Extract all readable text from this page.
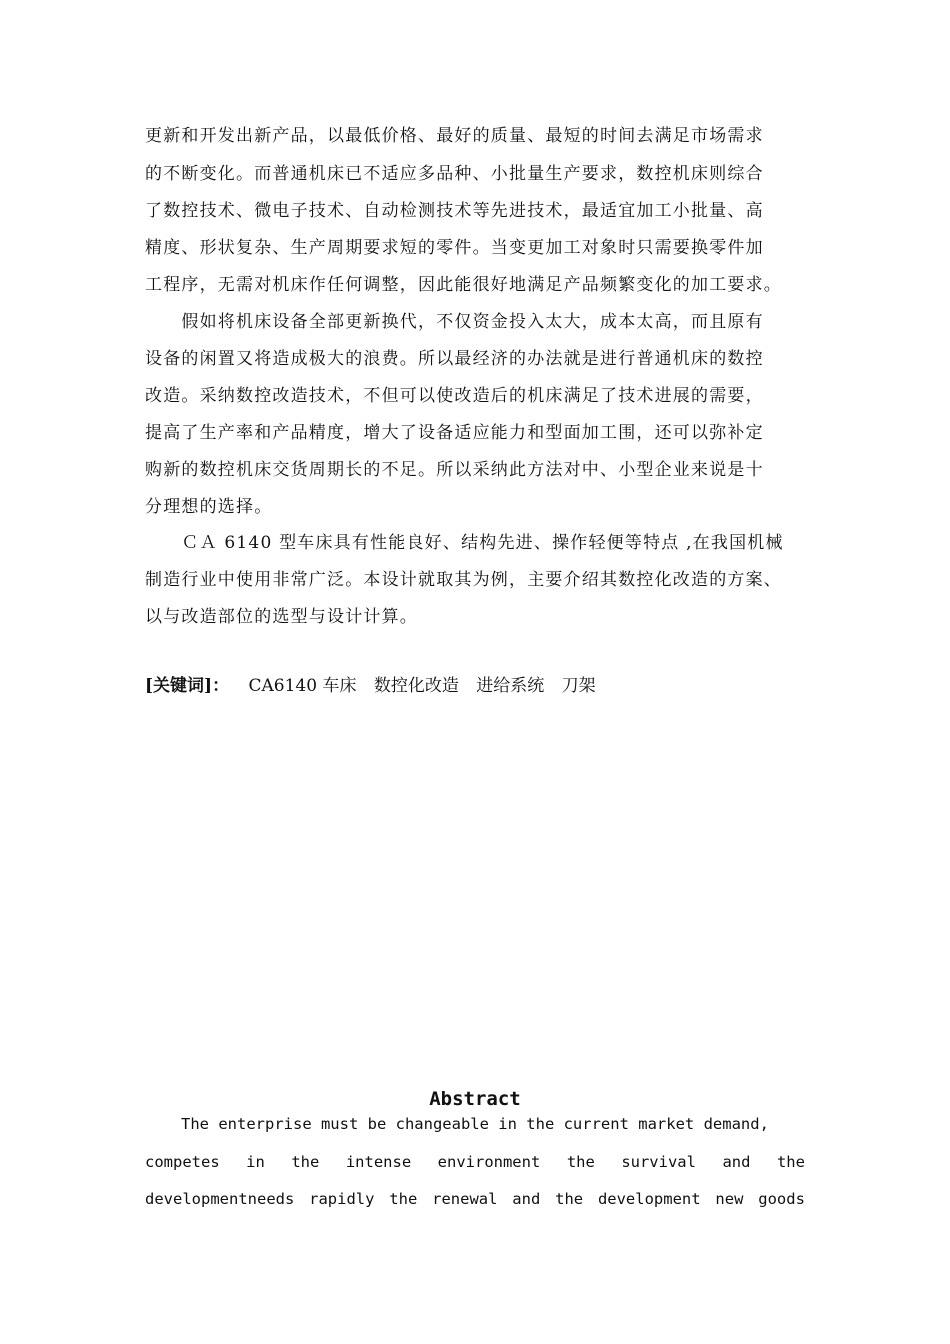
更新和开发出新产品，以最低价格、最好的质量、最短的时间去满足市场需求
的不断变化。而普通机床已不适应多品种、小批量生产要求，数控机床则综合
了数控技术、微电子技术、自动检测技术等先进技术，最适宜加工小批量、高
精度、形状复杂、生产周期要求短的零件。当变更加工对象时只需要换零件加
工程序，无需对机床作任何调整，因此能很好地满足产品频繁变化的加工要求。
　　假如将机床设备全部更新换代，不仅资金投入太大，成本太高，而且原有
设备的闲置又将造成极大的浪费。所以最经济的办法就是进行普通机床的数控
改造。采纳数控改造技术，不但可以使改造后的机床满足了技术进展的需要，
提高了生产率和产品精度，增大了设备适应能力和型面加工围，还可以弥补定
购新的数控机床交货周期长的不足。所以采纳此方法对中、小型企业来说是十
分理想的选择。
　　ＣＡ 6140 型车床具有性能良好、结构先进、操作轻便等特点 ,在我国机械
制造行业中使用非常广泛。本设计就取其为例，主要介绍其数控化改造的方案、
以与改造部位的选型与设计计算。
[关键词]： CA6140 车床 数控化改造 进给系统 刀架
Abstract
The enterprise must be changeable in the current market demand,
competes in the intense environment the survival and the
developmentneeds rapidly the renewal and the development new goods
